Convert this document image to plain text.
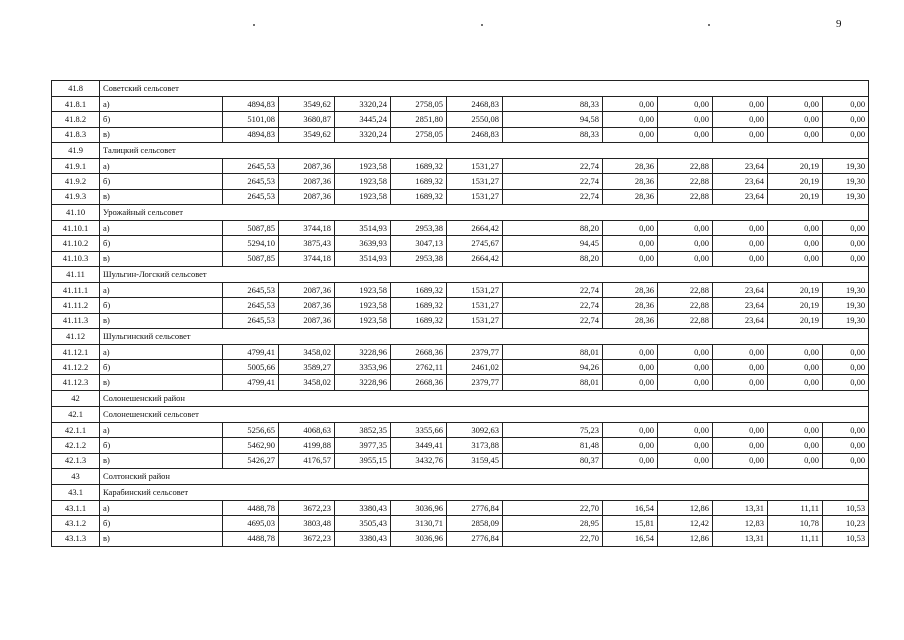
9
41.8	Советский сельсовет											
41.8.1	а)	4894,83	3549,62	3320,24	2758,05	2468,83	88,33	0,00	0,00	0,00	0,00	0,00
41.8.2	б)	5101,08	3680,87	3445,24	2851,80	2550,08	94,58	0,00	0,00	0,00	0,00	0,00
41.8.3	в)	4894,83	3549,62	3320,24	2758,05	2468,83	88,33	0,00	0,00	0,00	0,00	0,00
41.9	Талицкий сельсовет											
41.9.1	а)	2645,53	2087,36	1923,58	1689,32	1531,27	22,74	28,36	22,88	23,64	20,19	19,30
41.9.2	б)	2645,53	2087,36	1923,58	1689,32	1531,27	22,74	28,36	22,88	23,64	20,19	19,30
41.9.3	в)	2645,53	2087,36	1923,58	1689,32	1531,27	22,74	28,36	22,88	23,64	20,19	19,30
41.10	Урожайный сельсовет											
41.10.1	а)	5087,85	3744,18	3514,93	2953,38	2664,42	88,20	0,00	0,00	0,00	0,00	0,00
41.10.2	б)	5294,10	3875,43	3639,93	3047,13	2745,67	94,45	0,00	0,00	0,00	0,00	0,00
41.10.3	в)	5087,85	3744,18	3514,93	2953,38	2664,42	88,20	0,00	0,00	0,00	0,00	0,00
41.11	Шульгин-Логский сельсовет											
41.11.1	а)	2645,53	2087,36	1923,58	1689,32	1531,27	22,74	28,36	22,88	23,64	20,19	19,30
41.11.2	б)	2645,53	2087,36	1923,58	1689,32	1531,27	22,74	28,36	22,88	23,64	20,19	19,30
41.11.3	в)	2645,53	2087,36	1923,58	1689,32	1531,27	22,74	28,36	22,88	23,64	20,19	19,30
41.12	Шульгинский сельсовет											
41.12.1	а)	4799,41	3458,02	3228,96	2668,36	2379,77	88,01	0,00	0,00	0,00	0,00	0,00
41.12.2	б)	5005,66	3589,27	3353,96	2762,11	2461,02	94,26	0,00	0,00	0,00	0,00	0,00
41.12.3	в)	4799,41	3458,02	3228,96	2668,36	2379,77	88,01	0,00	0,00	0,00	0,00	0,00
42	Солонешенский район											
42.1	Солонешенский сельсовет											
42.1.1	а)	5256,65	4068,63	3852,35	3355,66	3092,63	75,23	0,00	0,00	0,00	0,00	0,00
42.1.2	б)	5462,90	4199,88	3977,35	3449,41	3173,88	81,48	0,00	0,00	0,00	0,00	0,00
42.1.3	в)	5426,27	4176,57	3955,15	3432,76	3159,45	80,37	0,00	0,00	0,00	0,00	0,00
43	Солтонский район											
43.1	Карабинский сельсовет											
43.1.1	а)	4488,78	3672,23	3380,43	3036,96	2776,84	22,70	16,54	12,86	13,31	11,11	10,53
43.1.2	б)	4695,03	3803,48	3505,43	3130,71	2858,09	28,95	15,81	12,42	12,83	10,78	10,23
43.1.3	в)	4488,78	3672,23	3380,43	3036,96	2776,84	22,70	16,54	12,86	13,31	11,11	10,53
